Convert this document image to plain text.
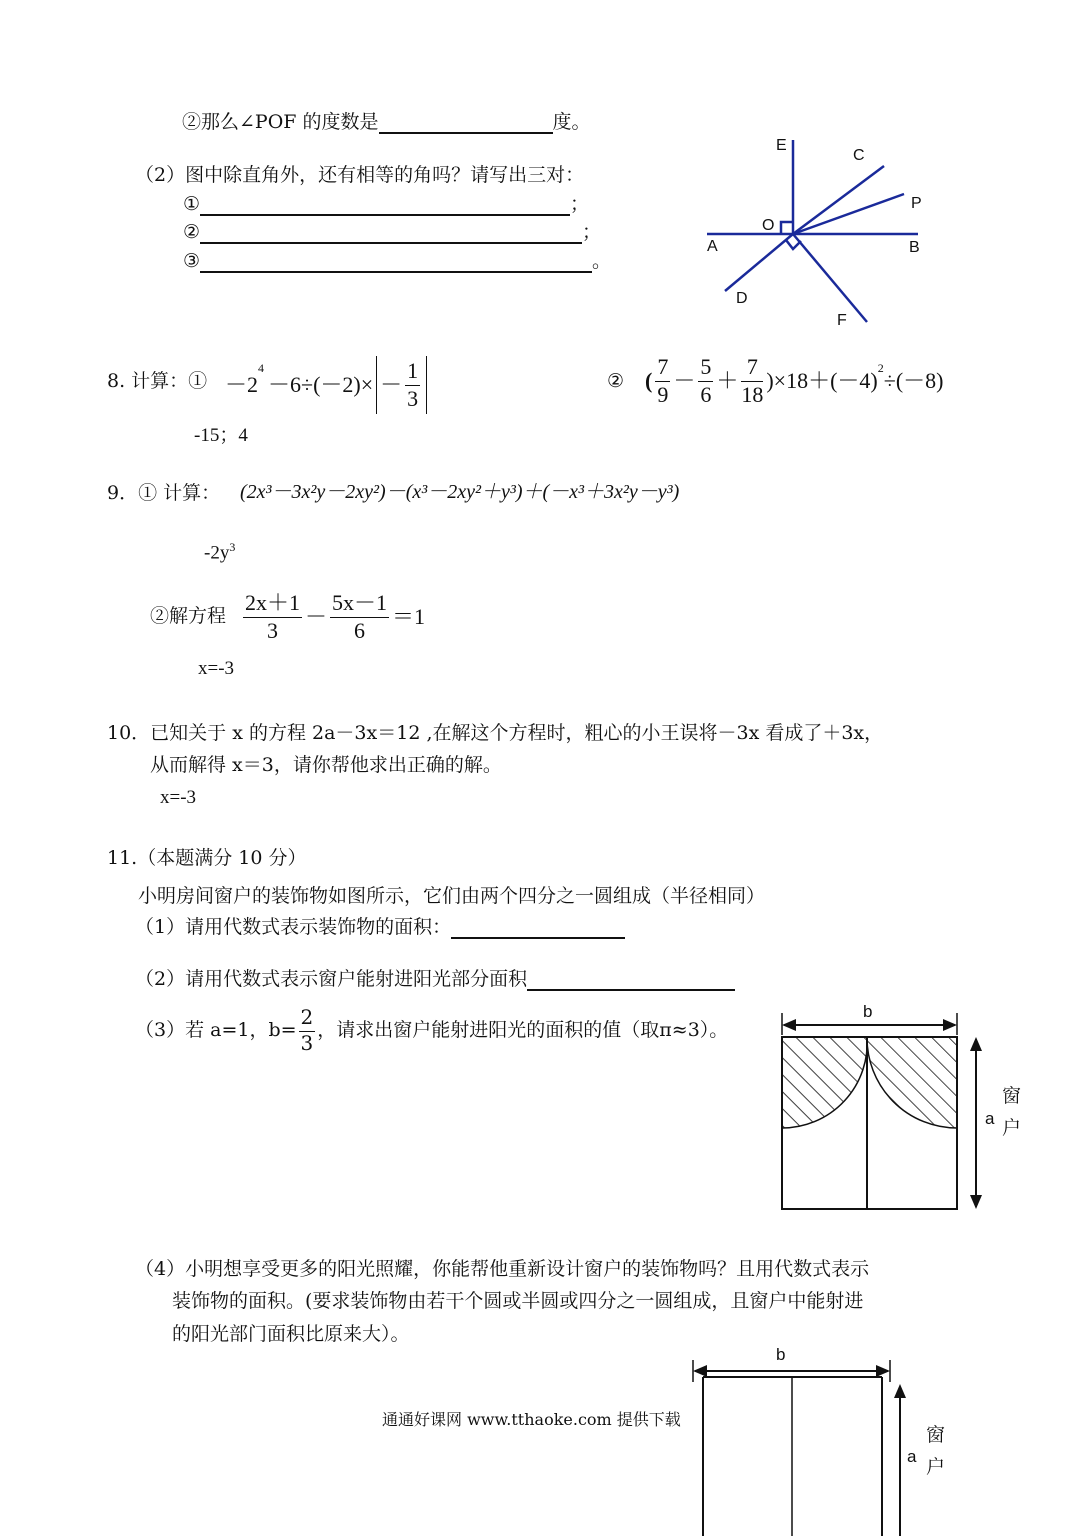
②那么∠POF 的度数是	度。
（2）图中除直角外，还有相等的角吗？请写出三对：
①	；
②	；
③	。
E
C
P
O
A	B
D
F
8. 计算：① －2
$^4$
$-6\div(-2)\times - \frac{1}{3}$	② ( $\frac{7}{9} - \frac{5}{6} + \frac{7}{18} )\times 18+(-4)^2 \div(-8)$
-15；4
9．① 计算： (2x³－3x²y－2xy²)－(x³－2xy²＋y³)＋(－x³＋3x²y－y³)
$-2y^3$
②解方程 $\frac{2x+1}{3} - \frac{5x-1}{6} =1$
x=-3
10．已知关于 x 的方程 2a－3x＝12 ,在解这个方程时，粗心的小王误将－3x 看成了＋3x，
从而解得 x＝3，请你帮他求出正确的解。
x=-3
11.（本题满分 10 分）
小明房间窗户的装饰物如图所示，它们由两个四分之一圆组成（半径相同）
（1）请用代数式表示装饰物的面积：
（2）请用代数式表示窗户能射进阳光部分面积
（3）若 a=1，$b= \frac{2}{3}$ ，请求出窗户能射进阳光的面积的值（取π≈3）。
b
a
窗
户
（4）小明想享受更多的阳光照耀，你能帮他重新设计窗户的装饰物吗？且用代数式表示
装饰物的面积。(要求装饰物由若干个圆或半圆或四分之一圆组成，且窗户中能射进
的阳光部门面积比原来大）。
b
a
窗
户
通通好课网 www.tthaoke.com 提供下载
